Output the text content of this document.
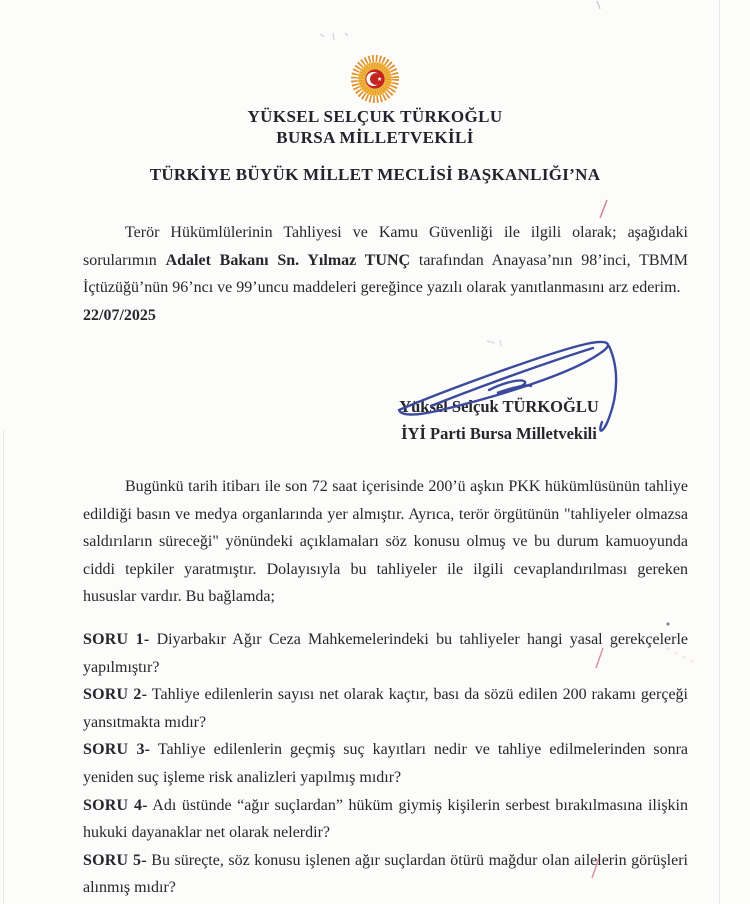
YÜKSEL SELÇUK TÜRKOĞLU
BURSA MİLLETVEKİLİ
TÜRKİYE BÜYÜK MİLLET MECLİSİ BAŞKANLIĞI’NA

Terör Hükümlülerinin Tahliyesi ve Kamu Güvenliği ile ilgili olarak; aşağıdaki sorularımın Adalet Bakanı Sn. Yılmaz TUNÇ tarafından Anayasa’nın 98’inci, TBMM İçtüzüğü’nün 96’ncı ve 99’uncu maddeleri gereğince yazılı olarak yanıtlanmasını arz ederim.

22/07/2025
Yüksel Selçuk TÜRKOĞLU
İYİ Parti Bursa Milletvekili

Bugünkü tarih itibarı ile son 72 saat içerisinde 200’ü aşkın PKK hükümlüsünün tahliye edildiği basın ve medya organlarında yer almıştır. Ayrıca, terör örgütünün "tahliyeler olmazsa saldırıların süreceği" yönündeki açıklamaları söz konusu olmuş ve bu durum kamuoyunda ciddi tepkiler yaratmıştır. Dolayısıyla bu tahliyeler ile ilgili cevaplandırılması gereken hususlar vardır. Bu bağlamda;

SORU 1- Diyarbakır Ağır Ceza Mahkemelerindeki bu tahliyeler hangi yasal gerekçelerle yapılmıştır?

SORU 2- Tahliye edilenlerin sayısı net olarak kaçtır, bası da sözü edilen 200 rakamı gerçeği yansıtmakta mıdır?

SORU 3- Tahliye edilenlerin geçmiş suç kayıtları nedir ve tahliye edilmelerinden sonra yeniden suç işleme risk analizleri yapılmış mıdır?

SORU 4- Adı üstünde “ağır suçlardan” hüküm giymiş kişilerin serbest bırakılmasına ilişkin hukuki dayanaklar net olarak nelerdir?

SORU 5- Bu süreçte, söz konusu işlenen ağır suçlardan ötürü mağdur olan ailelerin görüşleri alınmış mıdır?
